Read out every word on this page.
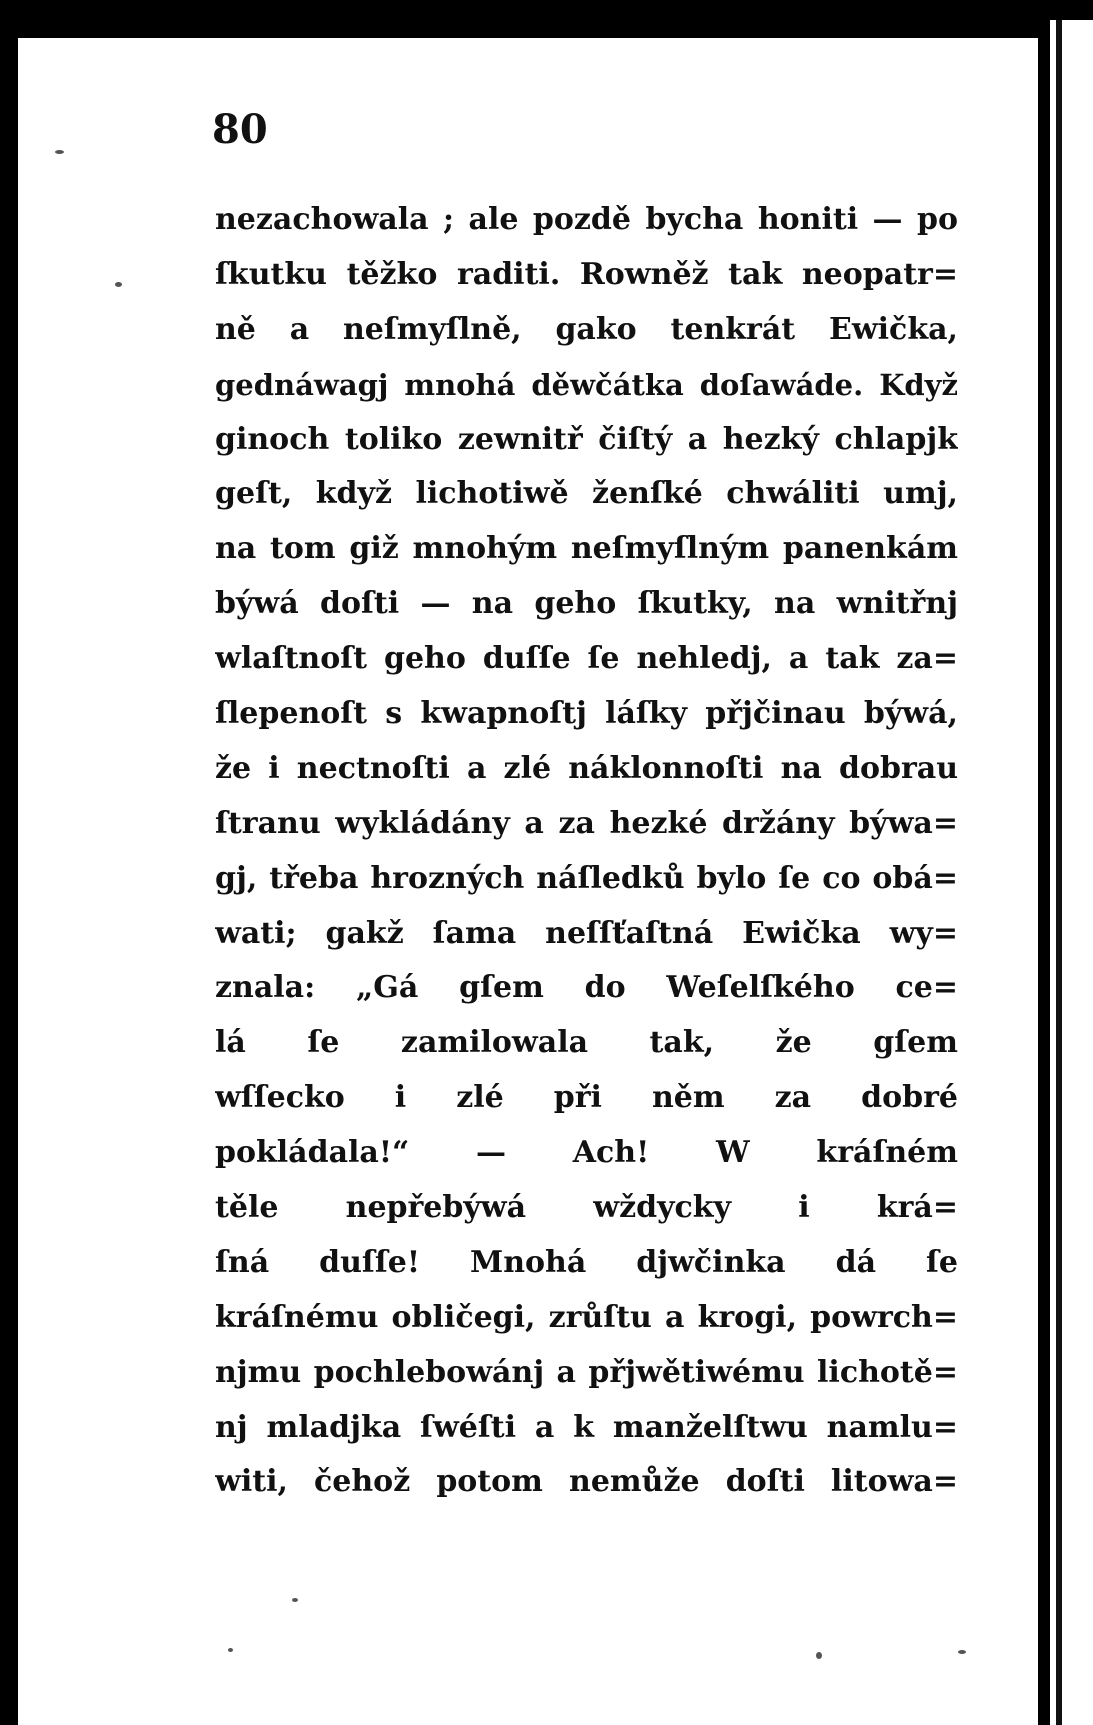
80
nezachowala ; ale pozdě bycha honiti — po
ſkutku těžko raditi. Rowněž tak neopatr=
ně a neſmyſlně, gako tenkrát Ewička,
gednáwagj mnohá děwčátka doſawáde. Když
ginoch toliko zewnitř čiſtý a hezký chlapjk
geſt, když lichotiwě ženſké chwáliti umj,
na tom giž mnohým neſmyſlným panenkám
býwá doſti — na geho ſkutky, na wnitřnj
wlaſtnoſt geho duſſe ſe nehledj, a tak za=
ſlepenoſt s kwapnoſtj láſky přjčinau býwá,
že i nectnoſti a zlé náklonnoſti na dobrau
ſtranu wykládány a za hezké držány býwa=
gj, třeba hrozných náſledků bylo ſe co obá=
wati; gakž ſama neſſťaſtná Ewička wy=
znala: „Gá gſem do Weſelſkého ce=
lá ſe zamilowala tak, že gſem
wſſecko i zlé při něm za dobré
pokládala!“ — Ach! W kráſném
těle nepřebýwá wždycky i krá=
ſná duſſe! Mnohá djwčinka dá ſe
kráſnému obličegi, zrůſtu a krogi, powrch=
njmu pochlebowánj a přjwětiwému lichotě=
nj mladjka ſwéſti a k manželſtwu namlu=
witi, čehož potom nemůže doſti litowa=
